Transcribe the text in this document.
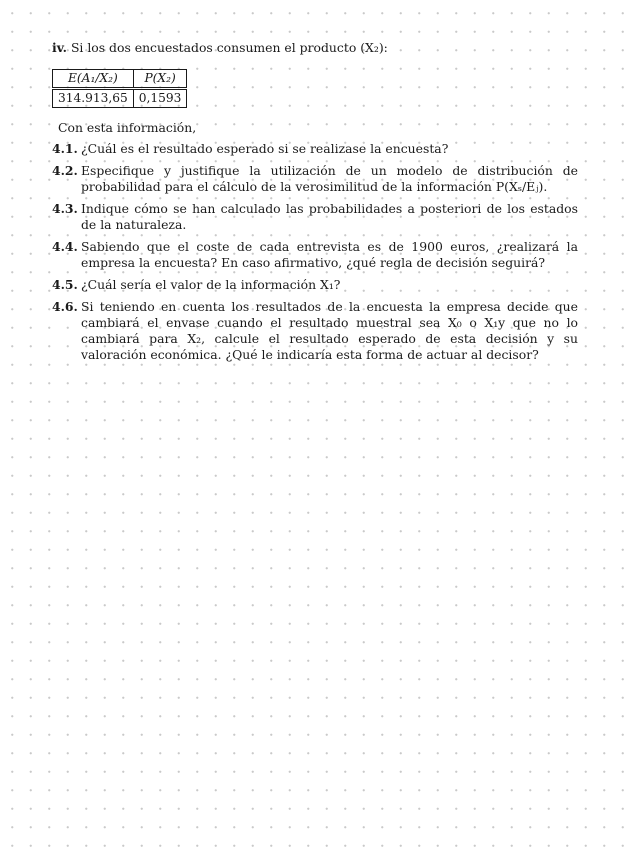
iv. Si los dos encuestados consumen el producto (X₂):

E(A₁/X₂)	P(X₂)
314.913,65	0,1593

Con esta información,

4.1. ¿Cuál es el resultado esperado si se realizase la encuesta?
4.2. Especifique y justifique la utilización de un modelo de distribución de probabilidad para el cálculo de la verosimilitud de la información P(Xₛ/Eⱼ).
4.3. Indique cómo se han calculado las probabilidades a posteriori de los estados de la naturaleza.
4.4. Sabiendo que el coste de cada entrevista es de 1900 euros, ¿realizará la empresa la encuesta? En caso afirmativo, ¿qué regla de decisión seguirá?
4.5. ¿Cuál sería el valor de la información X₁?
4.6. Si teniendo en cuenta los resultados de la encuesta la empresa decide que cambiará el envase cuando el resultado muestral sea X₀ o X₁y que no lo cambiará para X₂, calcule el resultado esperado de esta decisión y su valoración económica. ¿Qué le indicaría esta forma de actuar al decisor?
